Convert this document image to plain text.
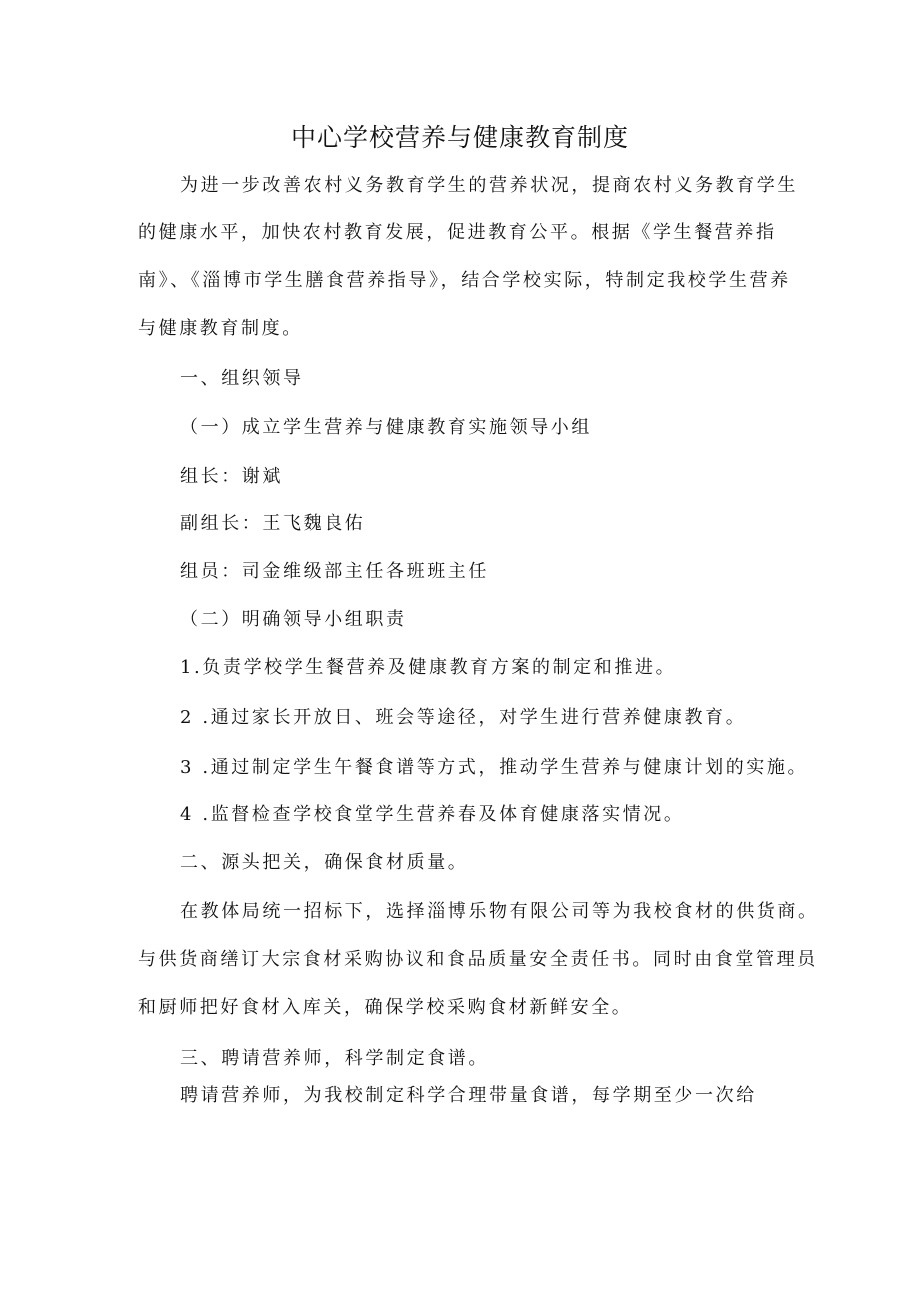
中心学校营养与健康教育制度
为进一步改善农村义务教育学生的营养状况，提商农村义务教育学生
的健康水平，加快农村教育发展，促进教育公平。根据《学生餐营养指
南》、《淄博市学生膳食营养指导》，结合学校实际，特制定我校学生营养
与健康教育制度。
一、组织领导
（一）成立学生营养与健康教育实施领导小组
组长：谢斌
副组长：王飞魏良佑
组员：司金维级部主任各班班主任
（二）明确领导小组职责
1.负责学校学生餐营养及健康教育方案的制定和推进。
2 .通过家长开放日、班会等途径，对学生进行营养健康教育。
3 .通过制定学生午餐食谱等方式，推动学生营养与健康计划的实施。
4 .监督检查学校食堂学生营养春及体育健康落实情况。
二、源头把关，确保食材质量。
在教体局统一招标下，选择淄博乐物有限公司等为我校食材的供货商。
与供货商缮订大宗食材采购协议和食品质量安全责任书。同时由食堂管理员
和厨师把好食材入库关，确保学校采购食材新鲜安全。
三、聘请营养师，科学制定食谱。
聘请营养师，为我校制定科学合理带量食谱，每学期至少一次给
